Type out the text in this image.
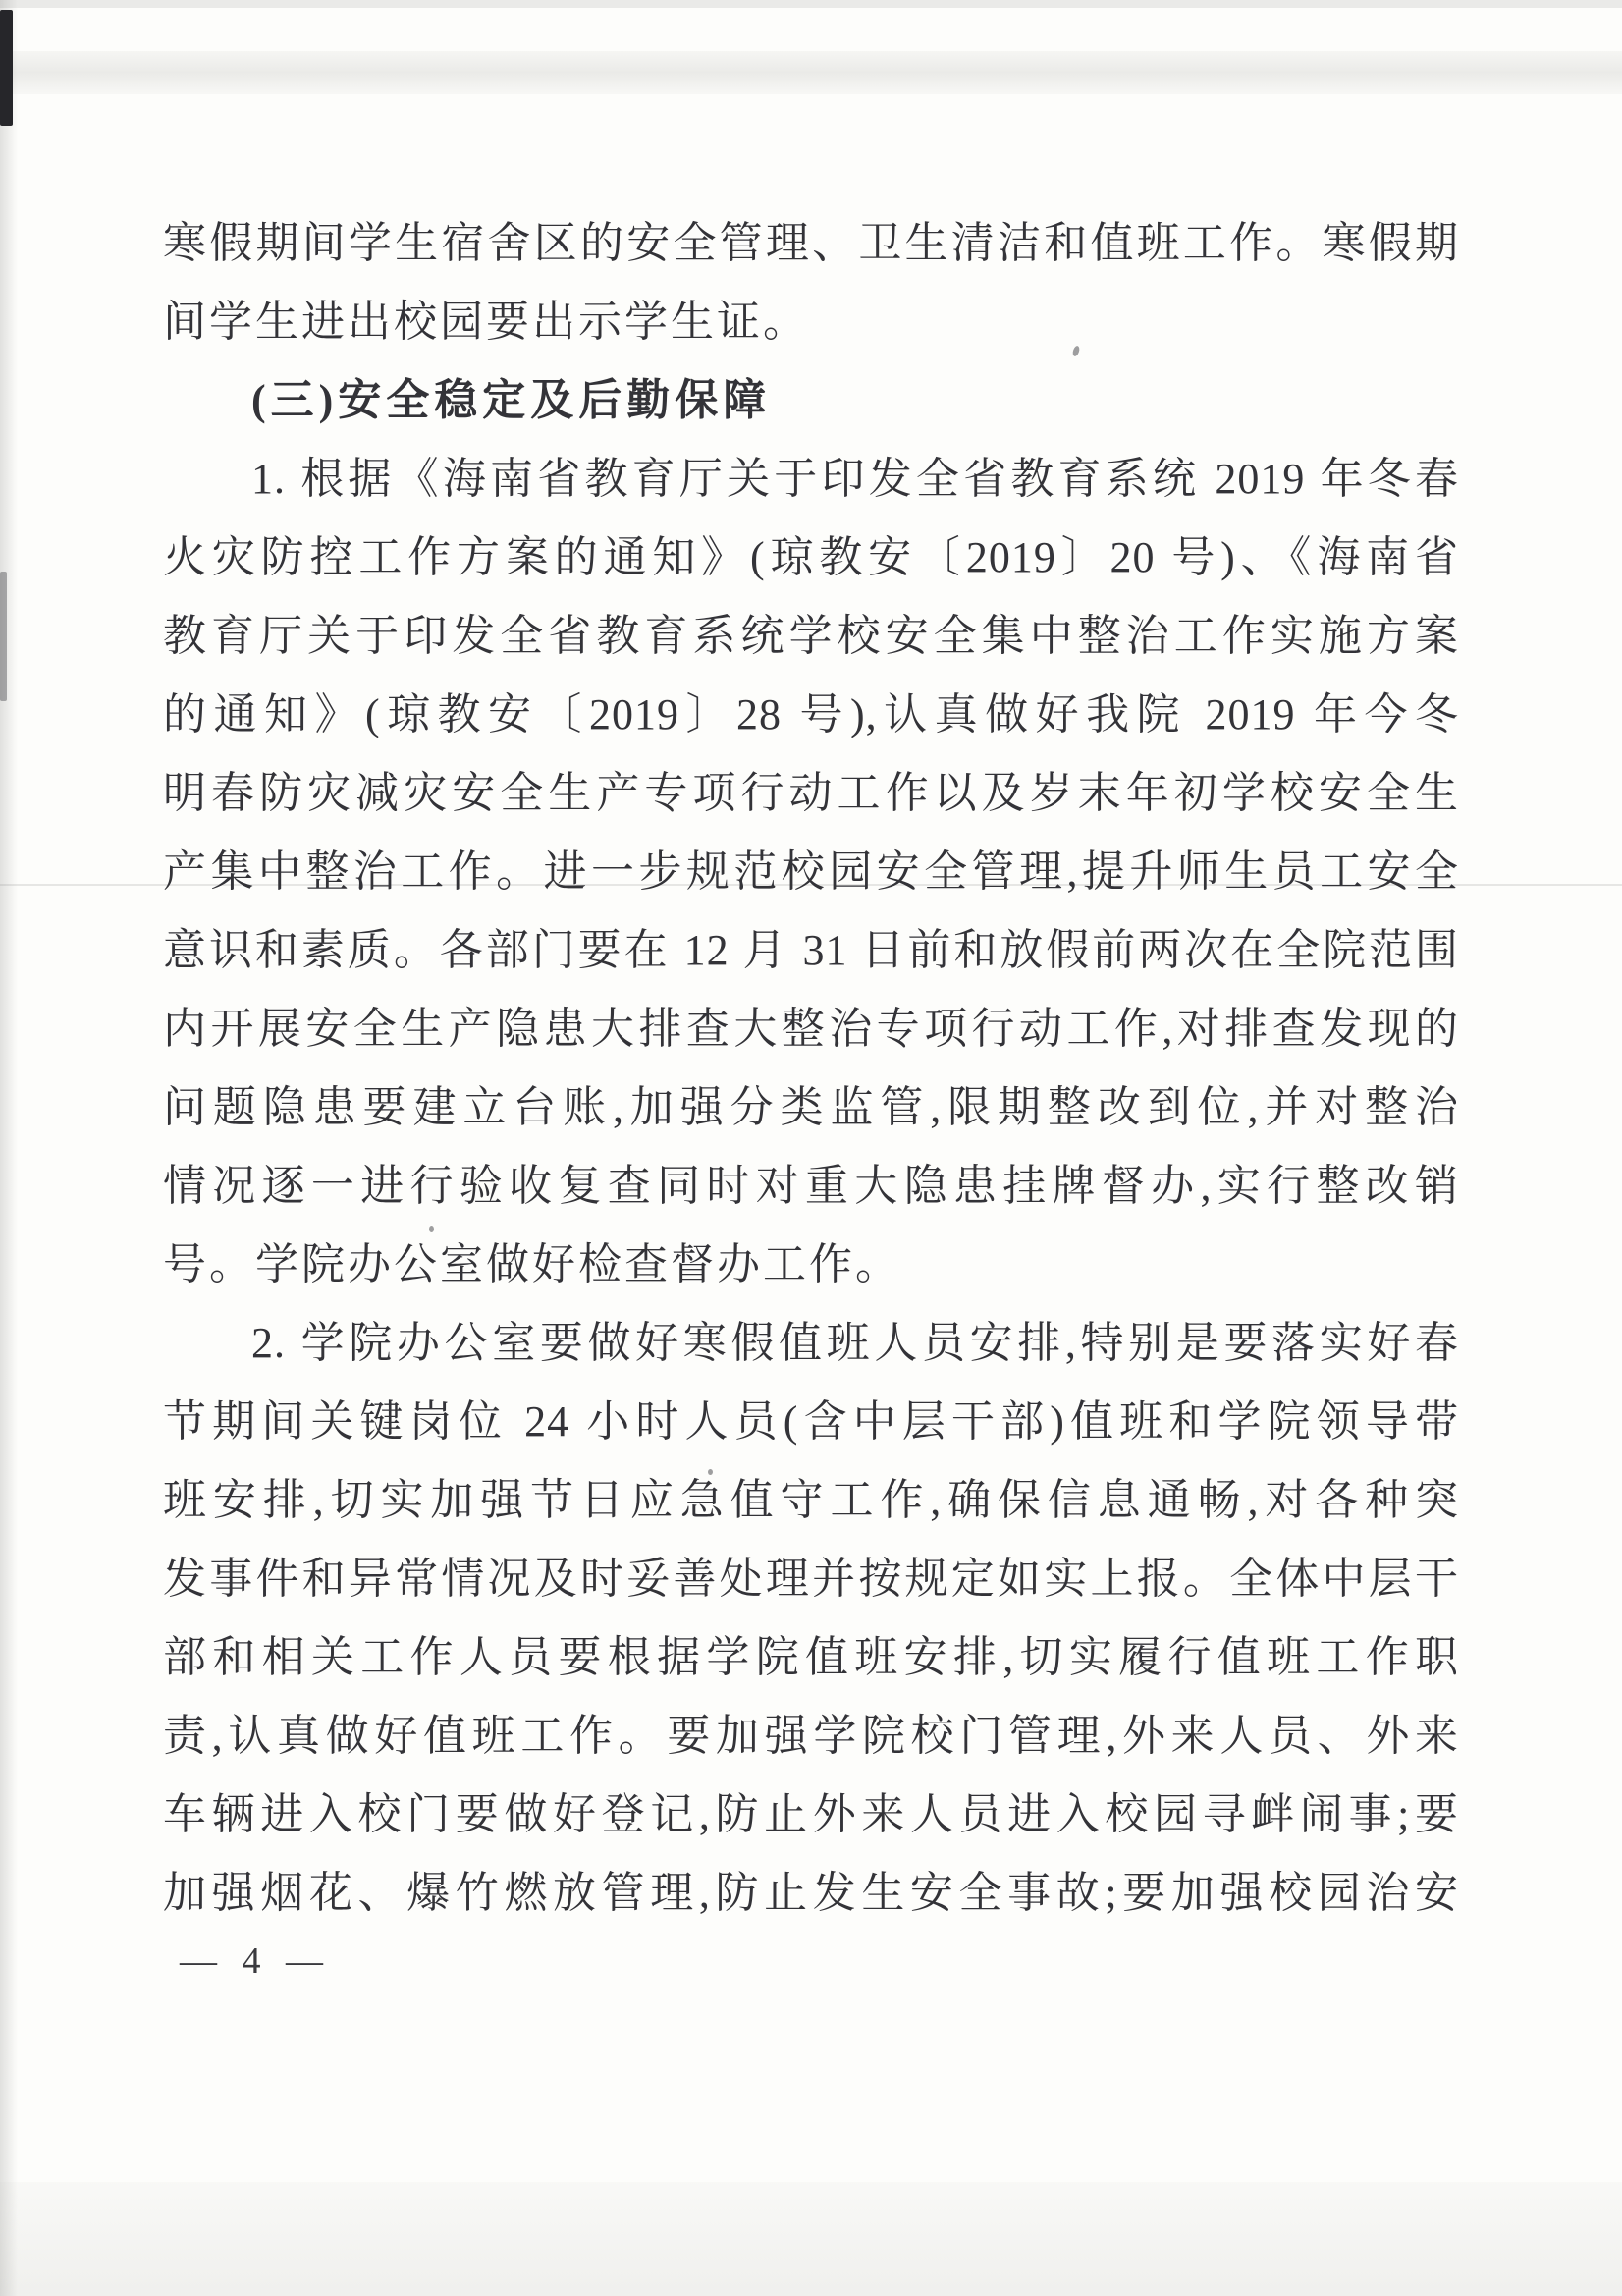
寒假期间学生宿舍区的安全管理、卫生清洁和值班工作。寒假期
间学生进出校园要出示学生证。
(三)安全稳定及后勤保障
1. 根据《海南省教育厅关于印发全省教育系统 2019 年冬春
火灾防控工作方案的通知》(琼教安〔2019〕20 号)、《海南省
教育厅关于印发全省教育系统学校安全集中整治工作实施方案
的通知》(琼教安〔2019〕28 号),认真做好我院 2019 年今冬
明春防灾减灾安全生产专项行动工作以及岁末年初学校安全生
产集中整治工作。进一步规范校园安全管理,提升师生员工安全
意识和素质。各部门要在 12 月 31 日前和放假前两次在全院范围
内开展安全生产隐患大排查大整治专项行动工作,对排查发现的
问题隐患要建立台账,加强分类监管,限期整改到位,并对整治
情况逐一进行验收复查同时对重大隐患挂牌督办,实行整改销
号。学院办公室做好检查督办工作。
2. 学院办公室要做好寒假值班人员安排,特别是要落实好春
节期间关键岗位 24 小时人员(含中层干部)值班和学院领导带
班安排,切实加强节日应急值守工作,确保信息通畅,对各种突
发事件和异常情况及时妥善处理并按规定如实上报。全体中层干
部和相关工作人员要根据学院值班安排,切实履行值班工作职
责,认真做好值班工作。要加强学院校门管理,外来人员、外来
车辆进入校门要做好登记,防止外来人员进入校园寻衅闹事;要
加强烟花、爆竹燃放管理,防止发生安全事故;要加强校园治安
— 4 —
